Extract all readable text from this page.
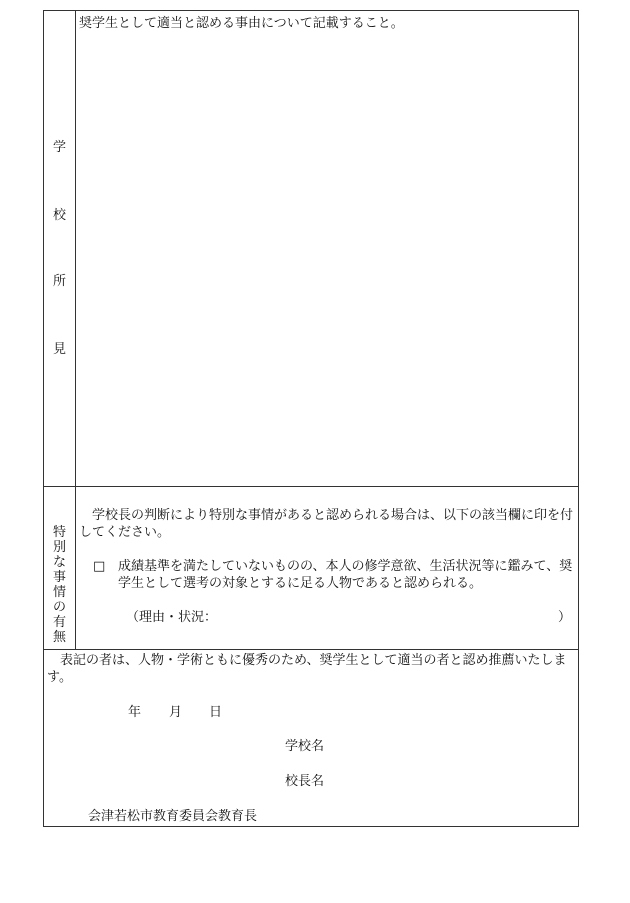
学
校
所
見
奨学生として適当と認める事由について記載すること。
特
別
な
事
情
の
有
無
学校長の判断により特別な事情があると認められる場合は、以下の該当欄に印を付してください。
□ 成績基準を満たしていないものの、本人の修学意欲、生活状況等に鑑みて、奨学生として選考の対象とするに足る人物であると認められる。
（理由・状況：	）
表記の者は、人物・学術ともに優秀のため、奨学生として適当の者と認め推薦いたします。
年 月 日
学校名
校長名
会津若松市教育委員会教育長
